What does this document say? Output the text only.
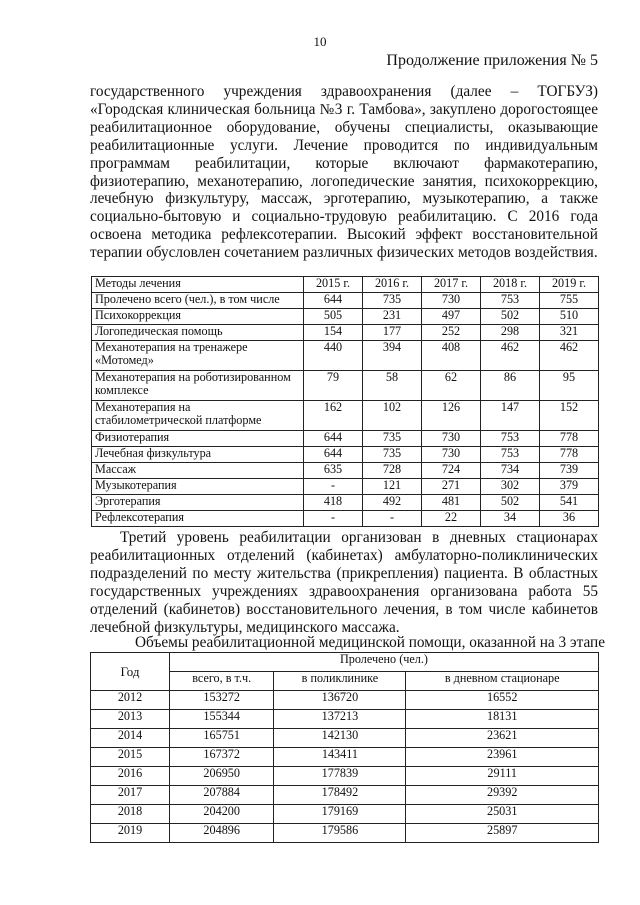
10
Продолжение приложения № 5

государственного учреждения здравоохранения (далее – ТОГБУЗ) «Городская клиническая больница №3 г. Тамбова», закуплено дорогостоящее реабилитационное оборудование, обучены специалисты, оказывающие реабилитационные услуги. Лечение проводится по индивидуальным программам реабилитации, которые включают фармакотерапию, физиотерапию, механотерапию, логопедические занятия, психокоррекцию, лечебную физкультуру, массаж, эрготерапию, музыкотерапию, а также социально-бытовую и социально-трудовую реабилитацию. С 2016 года освоена методика рефлексотерапии. Высокий эффект восстановительной терапии обусловлен сочетанием различных физических методов воздействия.

Методы лечения	2015 г.	2016 г.	2017 г.	2018 г.	2019 г.
Пролечено всего (чел.), в том числе	644	735	730	753	755
Психокоррекция	505	231	497	502	510
Логопедическая помощь	154	177	252	298	321
Механотерапия на тренажере «Мотомед»	440	394	408	462	462
Механотерапия на роботизированном комплексе	79	58	62	86	95
Механотерапия на стабилометрической платформе	162	102	126	147	152
Физиотерапия	644	735	730	753	778
Лечебная физкультура	644	735	730	753	778
Массаж	635	728	724	734	739
Музыкотерапия	-	121	271	302	379
Эрготерапия	418	492	481	502	541
Рефлексотерапия	-	-	22	34	36

Третий уровень реабилитации организован в дневных стационарах реабилитационных отделений (кабинетах) амбулаторно-поликлинических подразделений по месту жительства (прикрепления) пациента. В областных государственных учреждениях здравоохранения организована работа 55 отделений (кабинетов) восстановительного лечения, в том числе кабинетов лечебной физкультуры, медицинского массажа.

Объемы реабилитационной медицинской помощи, оказанной на 3 этапе

Год	Пролечено (чел.)		
	всего, в т.ч.	в поликлинике	в дневном стационаре
2012	153272	136720	16552
2013	155344	137213	18131
2014	165751	142130	23621
2015	167372	143411	23961
2016	206950	177839	29111
2017	207884	178492	29392
2018	204200	179169	25031
2019	204896	179586	25897
